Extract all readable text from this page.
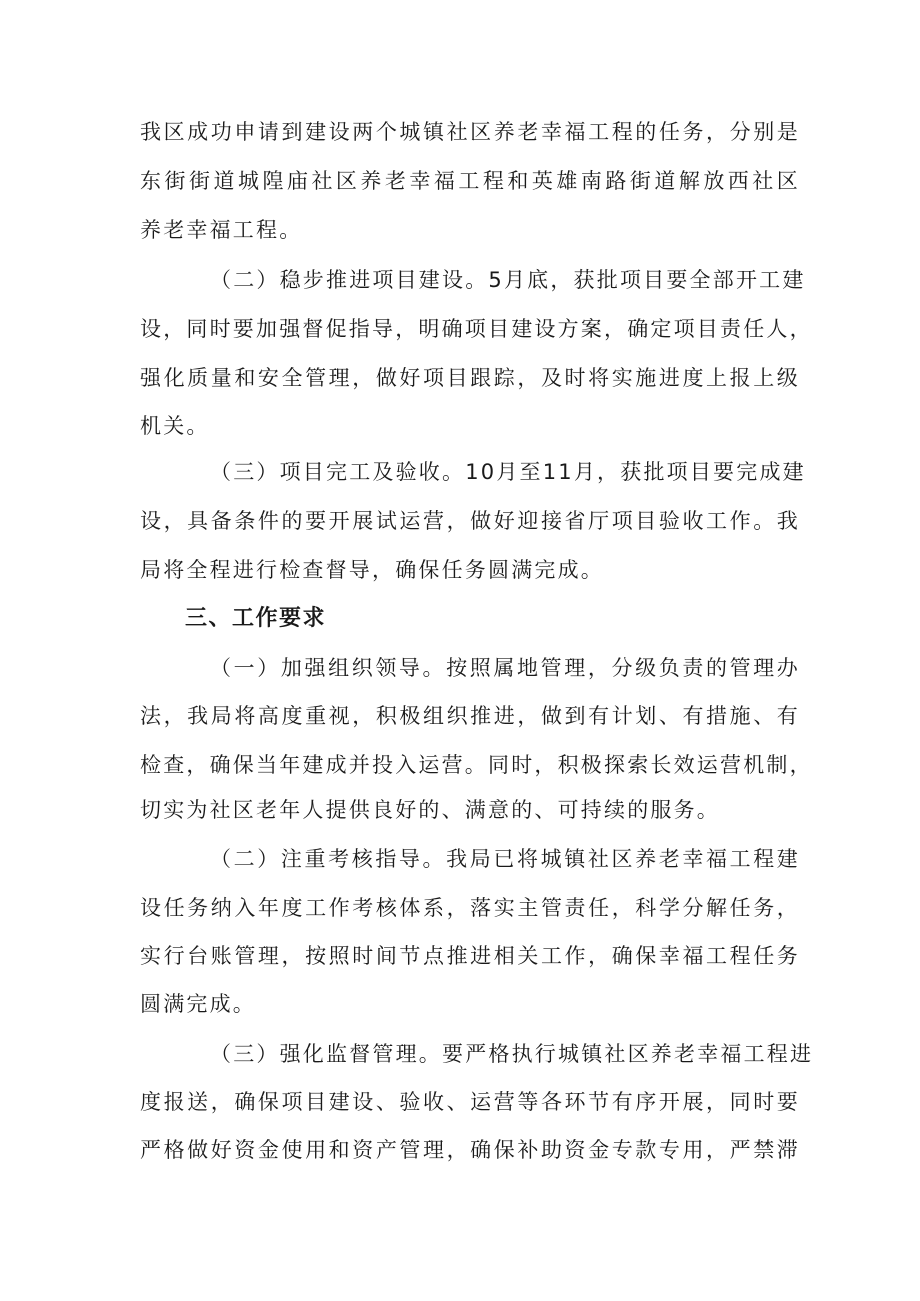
我区成功申请到建设两个城镇社区养老幸福工程的任务，分别是
东街街道城隍庙社区养老幸福工程和英雄南路街道解放西社区
养老幸福工程。
（二）稳步推进项目建设。5月底，获批项目要全部开工建
设，同时要加强督促指导，明确项目建设方案，确定项目责任人，
强化质量和安全管理，做好项目跟踪，及时将实施进度上报上级
机关。
（三）项目完工及验收。10月至11月，获批项目要完成建
设，具备条件的要开展试运营，做好迎接省厅项目验收工作。我
局将全程进行检查督导，确保任务圆满完成。
三、工作要求
（一）加强组织领导。按照属地管理，分级负责的管理办
法，我局将高度重视，积极组织推进，做到有计划、有措施、有
检查，确保当年建成并投入运营。同时，积极探索长效运营机制，
切实为社区老年人提供良好的、满意的、可持续的服务。
（二）注重考核指导。我局已将城镇社区养老幸福工程建
设任务纳入年度工作考核体系，落实主管责任，科学分解任务，
实行台账管理，按照时间节点推进相关工作，确保幸福工程任务
圆满完成。
（三）强化监督管理。要严格执行城镇社区养老幸福工程进
度报送，确保项目建设、验收、运营等各环节有序开展，同时要
严格做好资金使用和资产管理，确保补助资金专款专用，严禁滞
